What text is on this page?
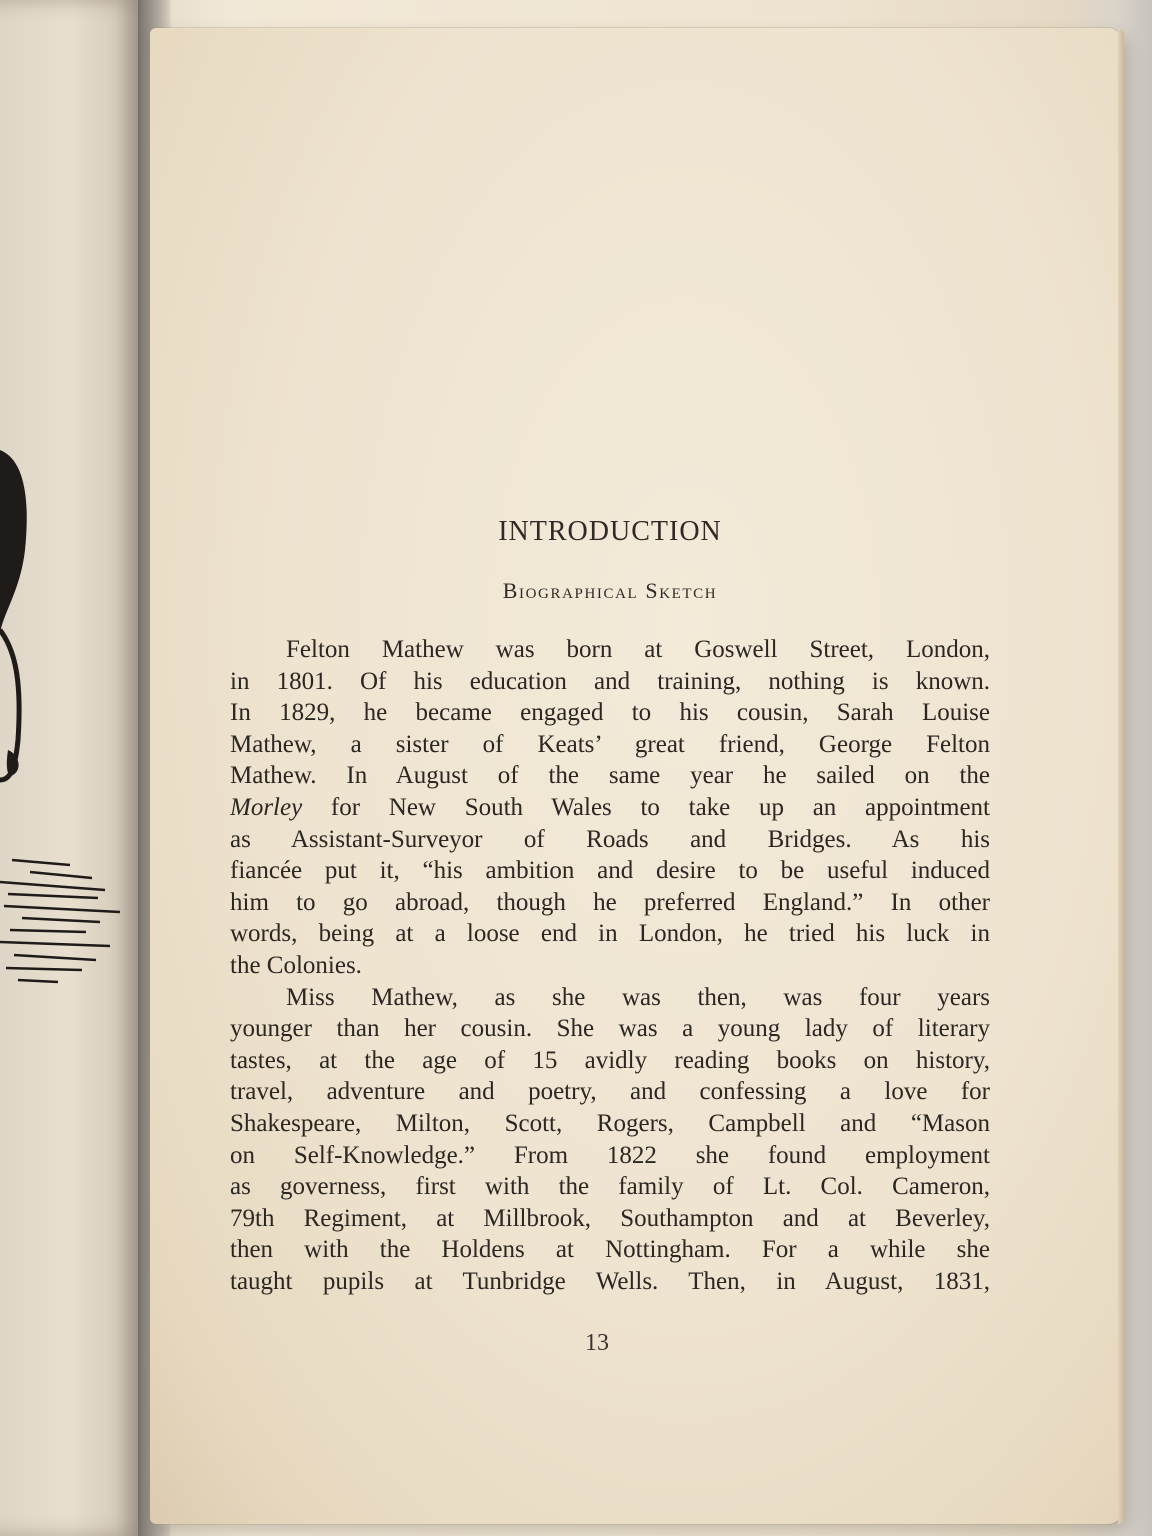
INTRODUCTION
Biographical Sketch
Felton Mathew was born at Goswell Street, London,
in 1801. Of his education and training, nothing is known.
In 1829, he became engaged to his cousin, Sarah Louise
Mathew, a sister of Keats’ great friend, George Felton
Mathew. In August of the same year he sailed on the
Morley for New South Wales to take up an appointment
as Assistant-Surveyor of Roads and Bridges. As his
fiancée put it, “his ambition and desire to be useful induced
him to go abroad, though he preferred England.” In other
words, being at a loose end in London, he tried his luck in
the Colonies.
Miss Mathew, as she was then, was four years
younger than her cousin. She was a young lady of literary
tastes, at the age of 15 avidly reading books on history,
travel, adventure and poetry, and confessing a love for
Shakespeare, Milton, Scott, Rogers, Campbell and “Mason
on Self-Knowledge.” From 1822 she found employment
as governess, first with the family of Lt. Col. Cameron,
79th Regiment, at Millbrook, Southampton and at Beverley,
then with the Holdens at Nottingham. For a while she
taught pupils at Tunbridge Wells. Then, in August, 1831,
13
